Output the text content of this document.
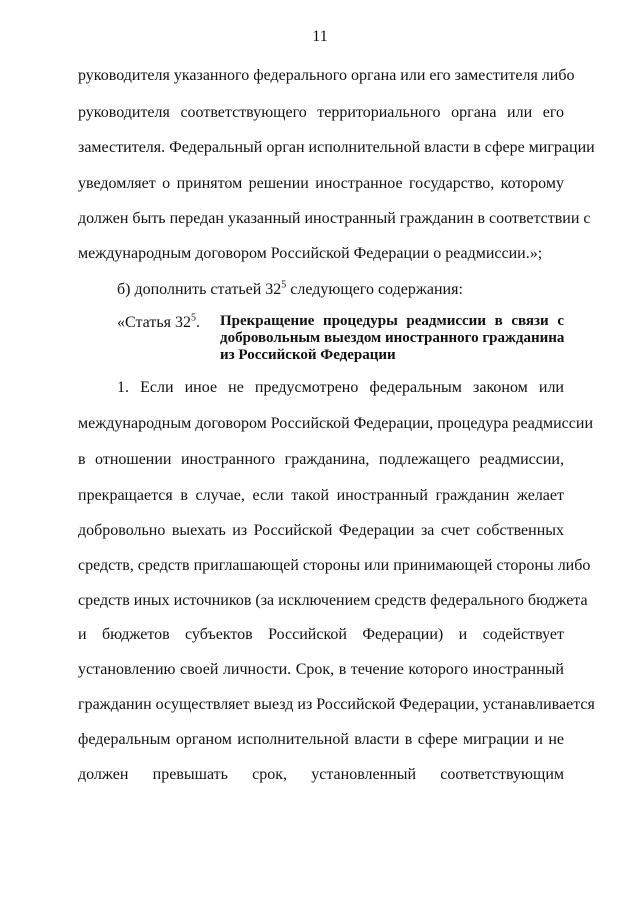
11
руководителя указанного федерального органа или его заместителя либо
руководителя соответствующего территориального органа или его
заместителя. Федеральный орган исполнительной власти в сфере миграции
уведомляет о принятом решении иностранное государство, которому
должен быть передан указанный иностранный гражданин в соответствии с
международным договором Российской Федерации о реадмиссии.»;
б) дополнить статьей $32^5$ следующего содержания:
«Статья $32^5$. Прекращение процедуры реадмиссии в связи с
добровольным выездом иностранного гражданина
из Российской Федерации
1. Если иное не предусмотрено федеральным законом или
международным договором Российской Федерации, процедура реадмиссии
в отношении иностранного гражданина, подлежащего реадмиссии,
прекращается в случае, если такой иностранный гражданин желает
добровольно выехать из Российской Федерации за счет собственных
средств, средств приглашающей стороны или принимающей стороны либо
средств иных источников (за исключением средств федерального бюджета
и бюджетов субъектов Российской Федерации) и содействует
установлению своей личности. Срок, в течение которого иностранный
гражданин осуществляет выезд из Российской Федерации, устанавливается
федеральным органом исполнительной власти в сфере миграции и не
должен превышать срок, установленный соответствующим
